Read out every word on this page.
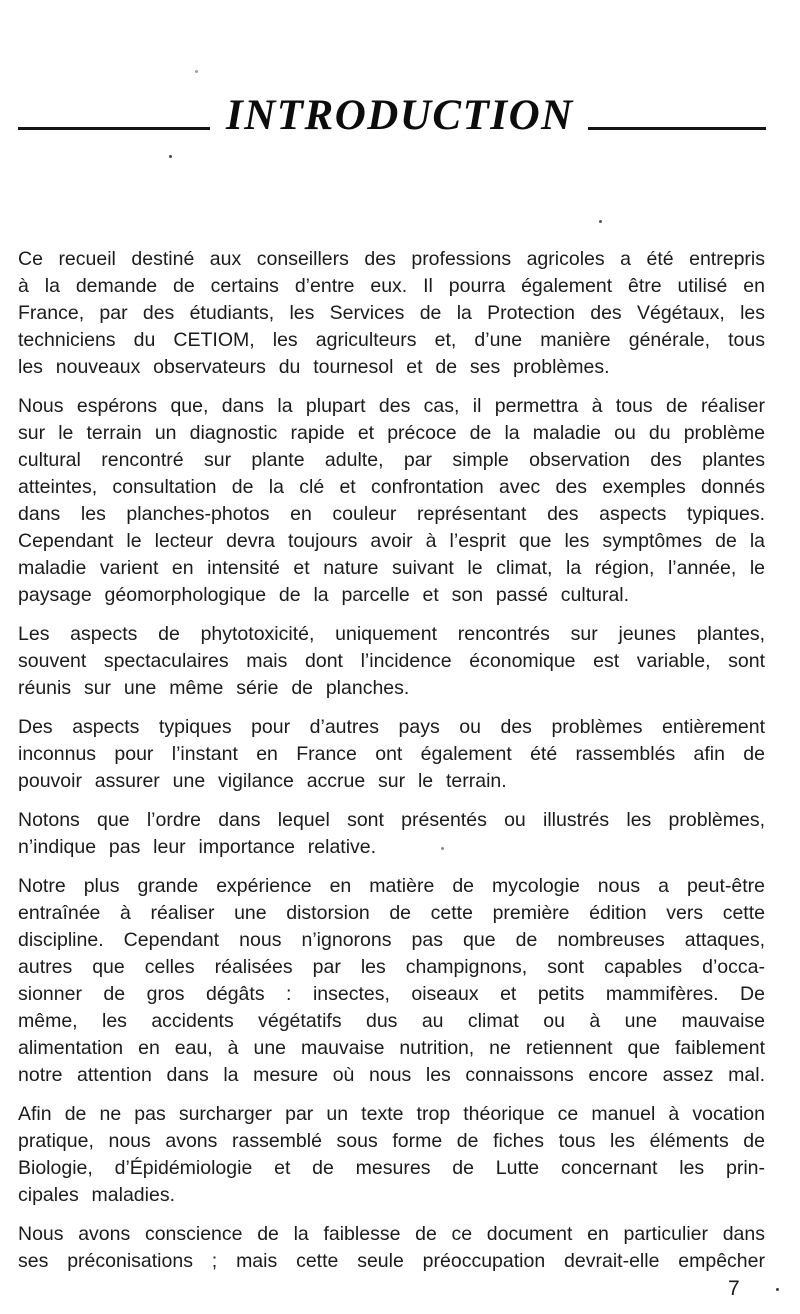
INTRODUCTION

Ce recueil destiné aux conseillers des professions agricoles a été entrepris
à la demande de certains d’entre eux. Il pourra également être utilisé en
France, par des étudiants, les Services de la Protection des Végétaux, les
techniciens du CETIOM, les agriculteurs et, d’une manière générale, tous
les nouveaux observateurs du tournesol et de ses problèmes.

Nous espérons que, dans la plupart des cas, il permettra à tous de réaliser
sur le terrain un diagnostic rapide et précoce de la maladie ou du problème
cultural rencontré sur plante adulte, par simple observation des plantes
atteintes, consultation de la clé et confrontation avec des exemples donnés
dans les planches-photos en couleur représentant des aspects typiques.
Cependant le lecteur devra toujours avoir à l’esprit que les symptômes de la
maladie varient en intensité et nature suivant le climat, la région, l’année, le
paysage géomorphologique de la parcelle et son passé cultural.

Les aspects de phytotoxicité, uniquement rencontrés sur jeunes plantes,
souvent spectaculaires mais dont l’incidence économique est variable, sont
réunis sur une même série de planches.

Des aspects typiques pour d’autres pays ou des problèmes entièrement
inconnus pour l’instant en France ont également été rassemblés afin de
pouvoir assurer une vigilance accrue sur le terrain.

Notons que l’ordre dans lequel sont présentés ou illustrés les problèmes,
n’indique pas leur importance relative.

Notre plus grande expérience en matière de mycologie nous a peut-être
entraînée à réaliser une distorsion de cette première édition vers cette
discipline. Cependant nous n’ignorons pas que de nombreuses attaques,
autres que celles réalisées par les champignons, sont capables d’occa-
sionner de gros dégâts : insectes, oiseaux et petits mammifères. De
même, les accidents végétatifs dus au climat ou à une mauvaise
alimentation en eau, à une mauvaise nutrition, ne retiennent que faiblement
notre attention dans la mesure où nous les connaissons encore assez mal.

Afin de ne pas surcharger par un texte trop théorique ce manuel à vocation
pratique, nous avons rassemblé sous forme de fiches tous les éléments de
Biologie, d’Épidémiologie et de mesures de Lutte concernant les prin-
cipales maladies.

Nous avons conscience de la faiblesse de ce document en particulier dans
ses préconisations ; mais cette seule préoccupation devrait-elle empêcher

7
